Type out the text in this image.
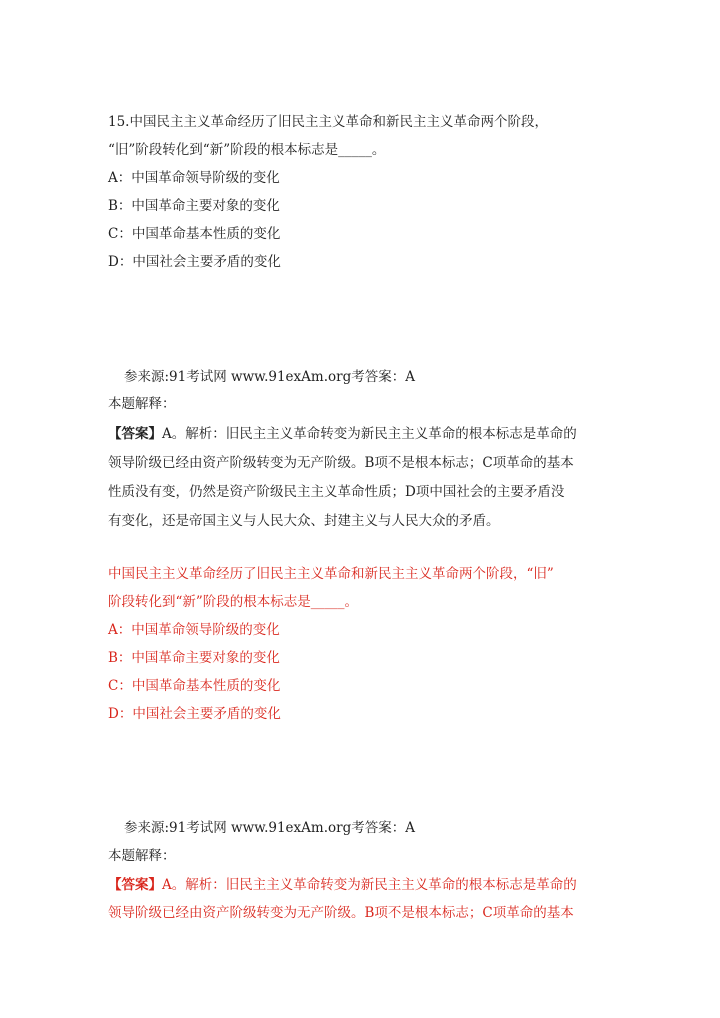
15.中国民主主义革命经历了旧民主主义革命和新民主主义革命两个阶段，
“旧”阶段转化到“新”阶段的根本标志是_____。
A：中国革命领导阶级的变化
B：中国革命主要对象的变化
C：中国革命基本性质的变化
D：中国社会主要矛盾的变化
参来源:91考试网 www.91exAm.org考答案：A
本题解释：
【答案】A。解析：旧民主主义革命转变为新民主主义革命的根本标志是革命的
领导阶级已经由资产阶级转变为无产阶级。B项不是根本标志；C项革命的基本
性质没有变，仍然是资产阶级民主主义革命性质；D项中国社会的主要矛盾没
有变化，还是帝国主义与人民大众、封建主义与人民大众的矛盾。
中国民主主义革命经历了旧民主主义革命和新民主主义革命两个阶段，“旧”
阶段转化到“新”阶段的根本标志是_____。
A：中国革命领导阶级的变化
B：中国革命主要对象的变化
C：中国革命基本性质的变化
D：中国社会主要矛盾的变化
参来源:91考试网 www.91exAm.org考答案：A
本题解释：
【答案】A。解析：旧民主主义革命转变为新民主主义革命的根本标志是革命的
领导阶级已经由资产阶级转变为无产阶级。B项不是根本标志；C项革命的基本
